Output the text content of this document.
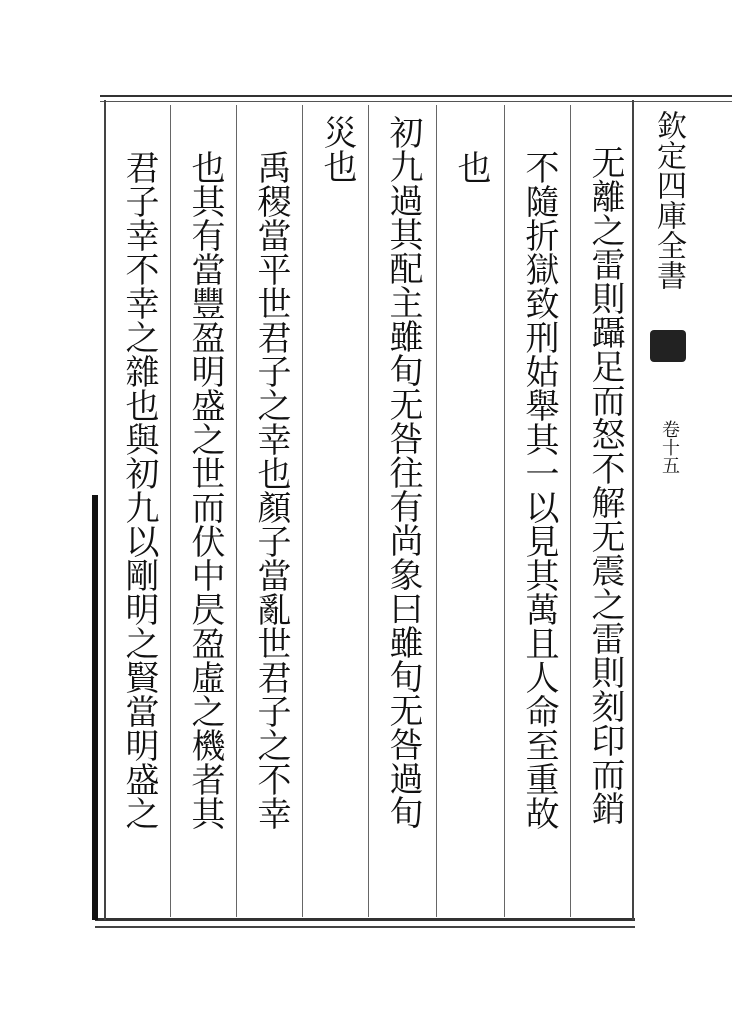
欽定四庫全書
卷十五
无離之雷則躡足而怒不解无震之雷則刻印而銷
不隨折獄致刑姑舉其一以見其萬且人命至重故
也
初九過其配主雖旬无咎往有尚象曰雖旬无咎過旬
災也
禹稷當平世君子之幸也顏子當亂世君子之不幸
也其有當豐盈明盛之世而伏中昃盈虛之機者其
君子幸不幸之雜也與初九以剛明之賢當明盛之
